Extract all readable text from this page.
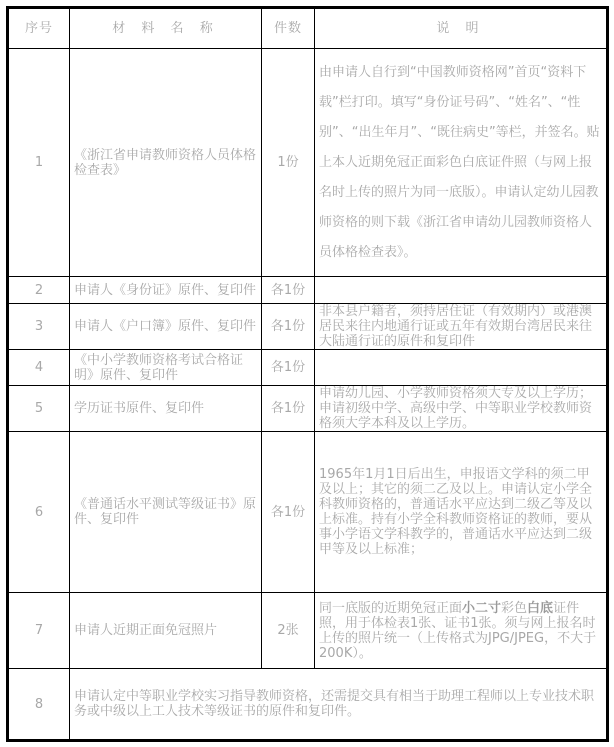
序号	材 料 名 称	件数	说 明
1	《浙江省申请教师资格人员体格检查表》	1份	由申请人自行到“中国教师资格网”首页“资料下载”栏打印。填写“身份证号码”、“姓名”、“性别”、“出生年月”、“既往病史”等栏，并签名。贴上本人近期免冠正面彩色白底证件照（与网上报名时上传的照片为同一底版）。申请认定幼儿园教师资格的则下载《浙江省申请幼儿园教师资格人员体格检查表》。
2	申请人《身份证》原件、复印件	各1份	
3	申请人《户口簿》原件、复印件	各1份	非本县户籍者，须持居住证（有效期内）或港澳居民来往内地通行证或五年有效期台湾居民来往大陆通行证的原件和复印件
4	《中小学教师资格考试合格证明》原件、复印件	各1份	
5	学历证书原件、复印件	各1份	申请幼儿园、小学教师资格须大专及以上学历；申请初级中学、高级中学、中等职业学校教师资格须大学本科及以上学历。
6	《普通话水平测试等级证书》原件、复印件	各1份	1965年1月1日后出生，申报语文学科的须二甲及以上；其它的须二乙及以上。申请认定小学全科教师资格的，普通话水平应达到二级乙等及以上标准。持有小学全科教师资格证的教师，要从事小学语文学科教学的，普通话水平应达到二级甲等及以上标准；
7	申请人近期正面免冠照片	2张	同一底版的近期免冠正面小二寸彩色白底证件照，用于体检表1张、证书1张。须与网上报名时上传的照片统一（上传格式为JPG/JPEG，不大于200K）。
8	申请认定中等职业学校实习指导教师资格，还需提交具有相当于助理工程师以上专业技术职务或中级以上工人技术等级证书的原件和复印件。		
